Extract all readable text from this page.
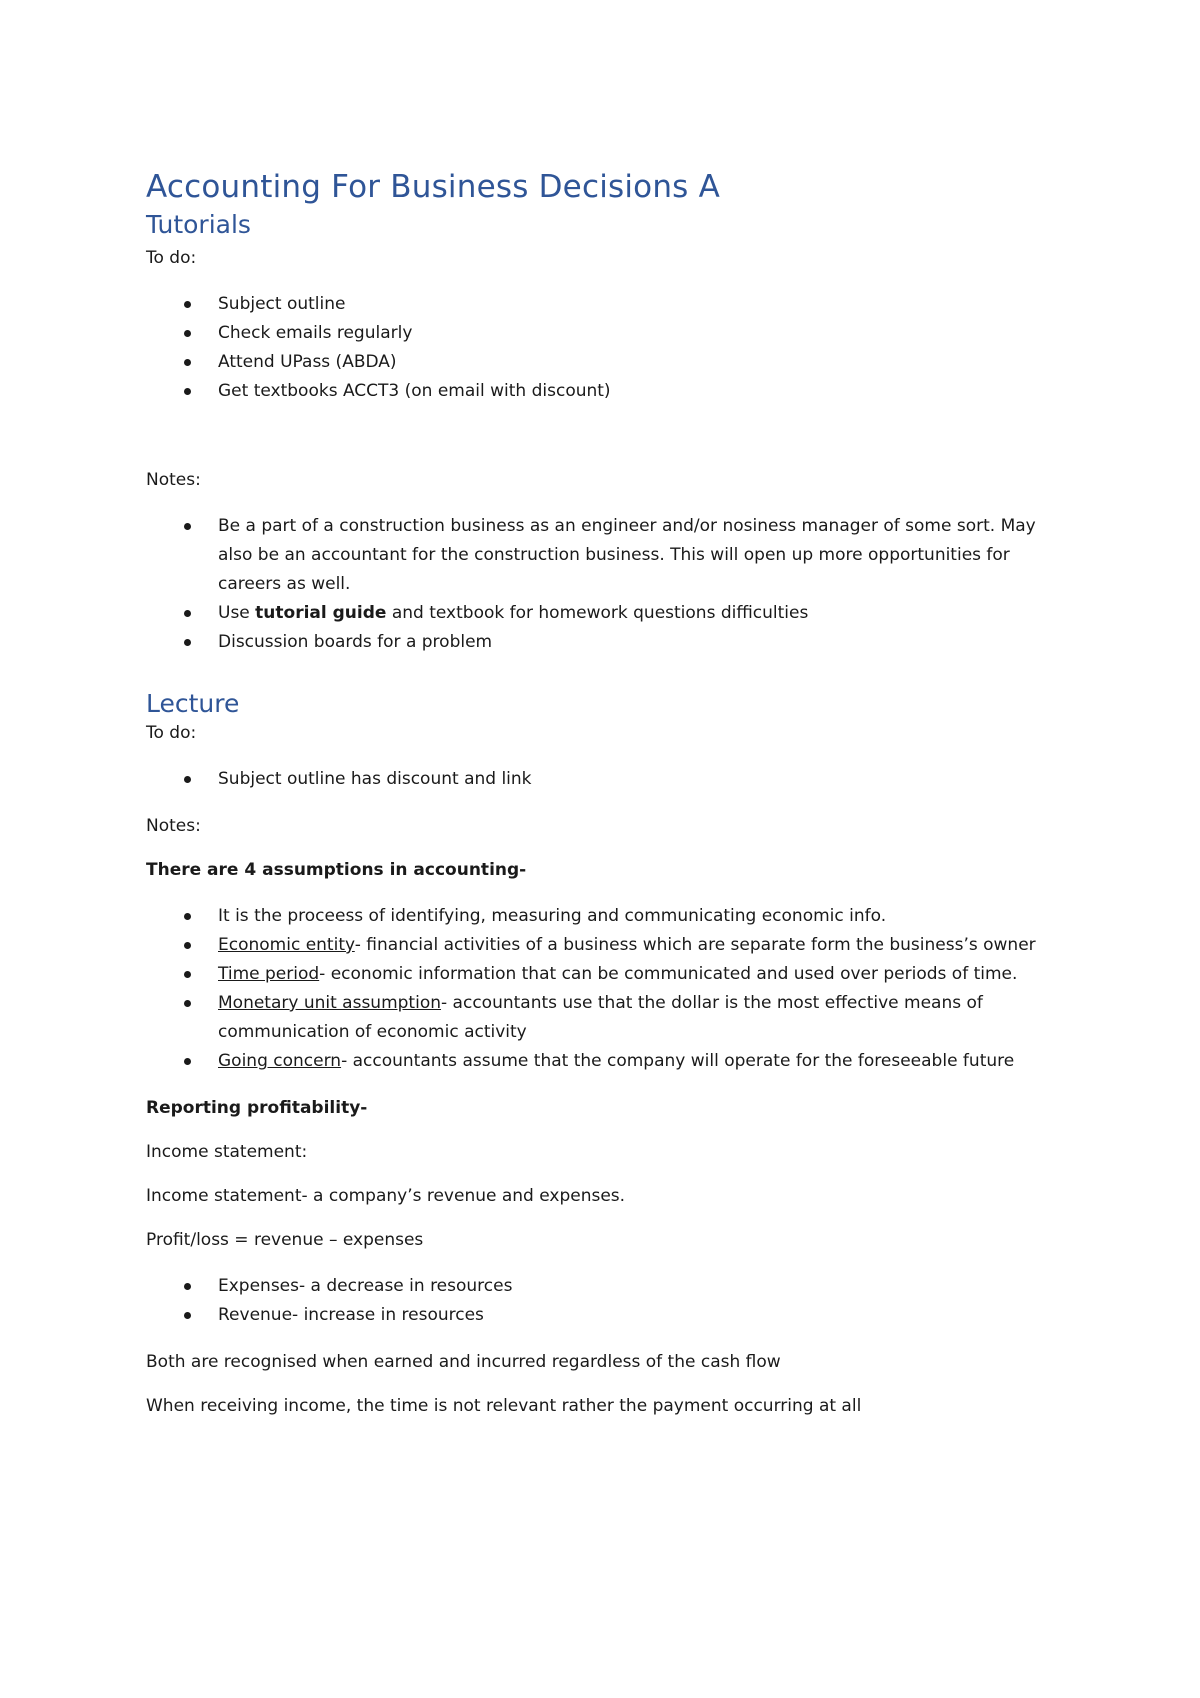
Accounting For Business Decisions A
Tutorials

To do:

Subject outline
Check emails regularly
Attend UPass (ABDA)
Get textbooks ACCT3 (on email with discount)

Notes:

Be a part of a construction business as an engineer and/or nosiness manager of some sort. May also be an accountant for the construction business. This will open up more opportunities for careers as well.
Use tutorial guide and textbook for homework questions difficulties
Discussion boards for a problem
Lecture

To do:

Subject outline has discount and link

Notes:

There are 4 assumptions in accounting-

It is the proceess of identifying, measuring and communicating economic info.
Economic entity- financial activities of a business which are separate form the business’s owner
Time period- economic information that can be communicated and used over periods of time.
Monetary unit assumption- accountants use that the dollar is the most effective means of communication of economic activity
Going concern- accountants assume that the company will operate for the foreseeable future

Reporting profitability-

Income statement:

Income statement- a company’s revenue and expenses.

Profit/loss = revenue – expenses

Expenses- a decrease in resources
Revenue- increase in resources

Both are recognised when earned and incurred regardless of the cash flow

When receiving income, the time is not relevant rather the payment occurring at all
